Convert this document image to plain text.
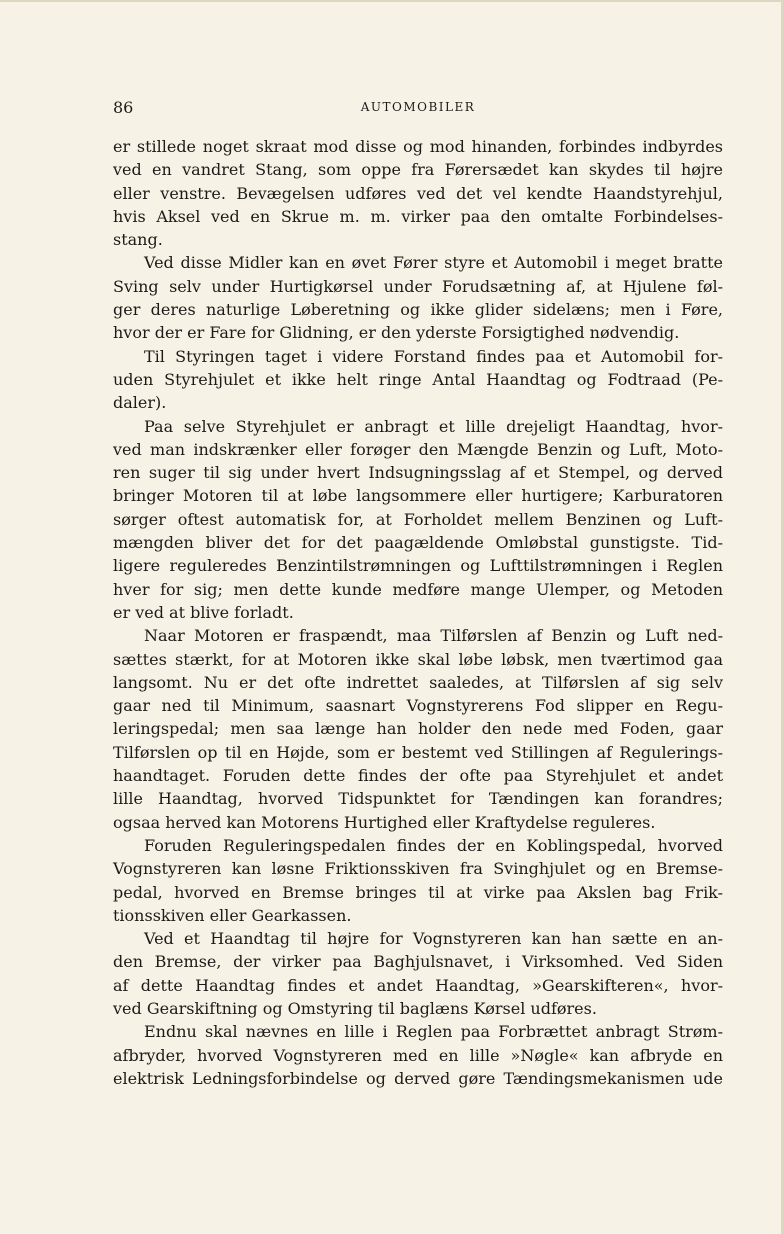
86	AUTOMOBILER

er stillede noget skraat mod disse og mod hinanden, forbindes indbyrdes
ved en vandret Stang, som oppe fra Førersædet kan skydes til højre
eller venstre. Bevægelsen udføres ved det vel kendte Haandstyrehjul,
hvis Aksel ved en Skrue m. m. virker paa den omtalte Forbindelses-
stang.

Ved disse Midler kan en øvet Fører styre et Automobil i meget bratte
Sving selv under Hurtigkørsel under Forudsætning af, at Hjulene føl-
ger deres naturlige Løberetning og ikke glider sidelæns; men i Føre,
hvor der er Fare for Glidning, er den yderste Forsigtighed nødvendig.

Til Styringen taget i videre Forstand findes paa et Automobil for-
uden Styrehjulet et ikke helt ringe Antal Haandtag og Fodtraad (Pe-
daler).

Paa selve Styrehjulet er anbragt et lille drejeligt Haandtag, hvor-
ved man indskrænker eller forøger den Mængde Benzin og Luft, Moto-
ren suger til sig under hvert Indsugningsslag af et Stempel, og derved
bringer Motoren til at løbe langsommere eller hurtigere; Karburatoren
sørger oftest automatisk for, at Forholdet mellem Benzinen og Luft-
mængden bliver det for det paagældende Omløbstal gunstigste. Tid-
ligere reguleredes Benzintilstrømningen og Lufttilstrømningen i Reglen
hver for sig; men dette kunde medføre mange Ulemper, og Metoden
er ved at blive forladt.

Naar Motoren er fraspændt, maa Tilførslen af Benzin og Luft ned-
sættes stærkt, for at Motoren ikke skal løbe løbsk, men tværtimod gaa
langsomt. Nu er det ofte indrettet saaledes, at Tilførslen af sig selv
gaar ned til Minimum, saasnart Vognstyrerens Fod slipper en Regu-
leringspedal; men saa længe han holder den nede med Foden, gaar
Tilførslen op til en Højde, som er bestemt ved Stillingen af Regulerings-
haandtaget. Foruden dette findes der ofte paa Styrehjulet et andet
lille Haandtag, hvorved Tidspunktet for Tændingen kan forandres;
ogsaa herved kan Motorens Hurtighed eller Kraftydelse reguleres.

Foruden Reguleringspedalen findes der en Koblingspedal, hvorved
Vognstyreren kan løsne Friktionsskiven fra Svinghjulet og en Bremse-
pedal, hvorved en Bremse bringes til at virke paa Akslen bag Frik-
tionsskiven eller Gearkassen.

Ved et Haandtag til højre for Vognstyreren kan han sætte en an-
den Bremse, der virker paa Baghjulsnavet, i Virksomhed. Ved Siden
af dette Haandtag findes et andet Haandtag, »Gearskifteren«, hvor-
ved Gearskiftning og Omstyring til baglæns Kørsel udføres.

Endnu skal nævnes en lille i Reglen paa Forbrættet anbragt Strøm-
afbryder, hvorved Vognstyreren med en lille »Nøgle« kan afbryde en
elektrisk Ledningsforbindelse og derved gøre Tændingsmekanismen ude
